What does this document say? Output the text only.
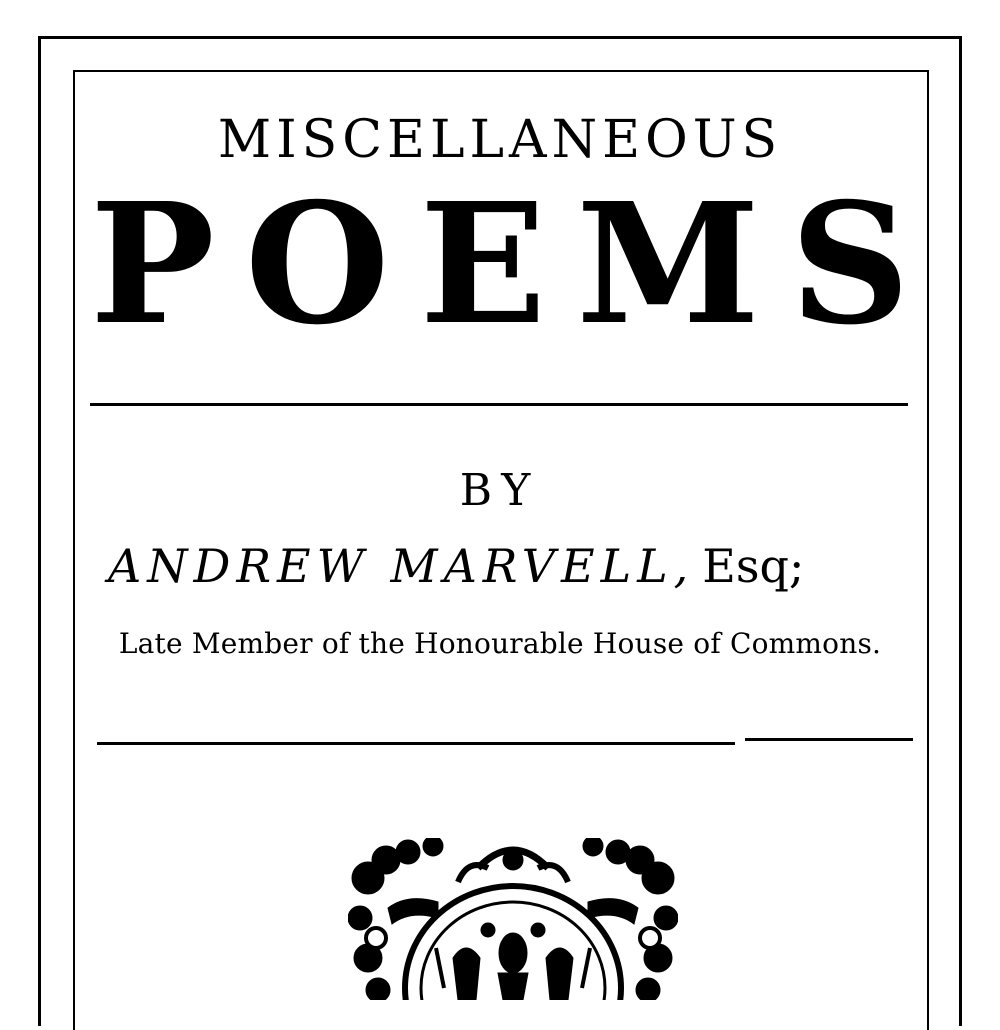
MISCELLANEOUS
P O E M S
BY
ANDREW MARVELL, Esq;
Late Member of the Honourable House of Commons.
